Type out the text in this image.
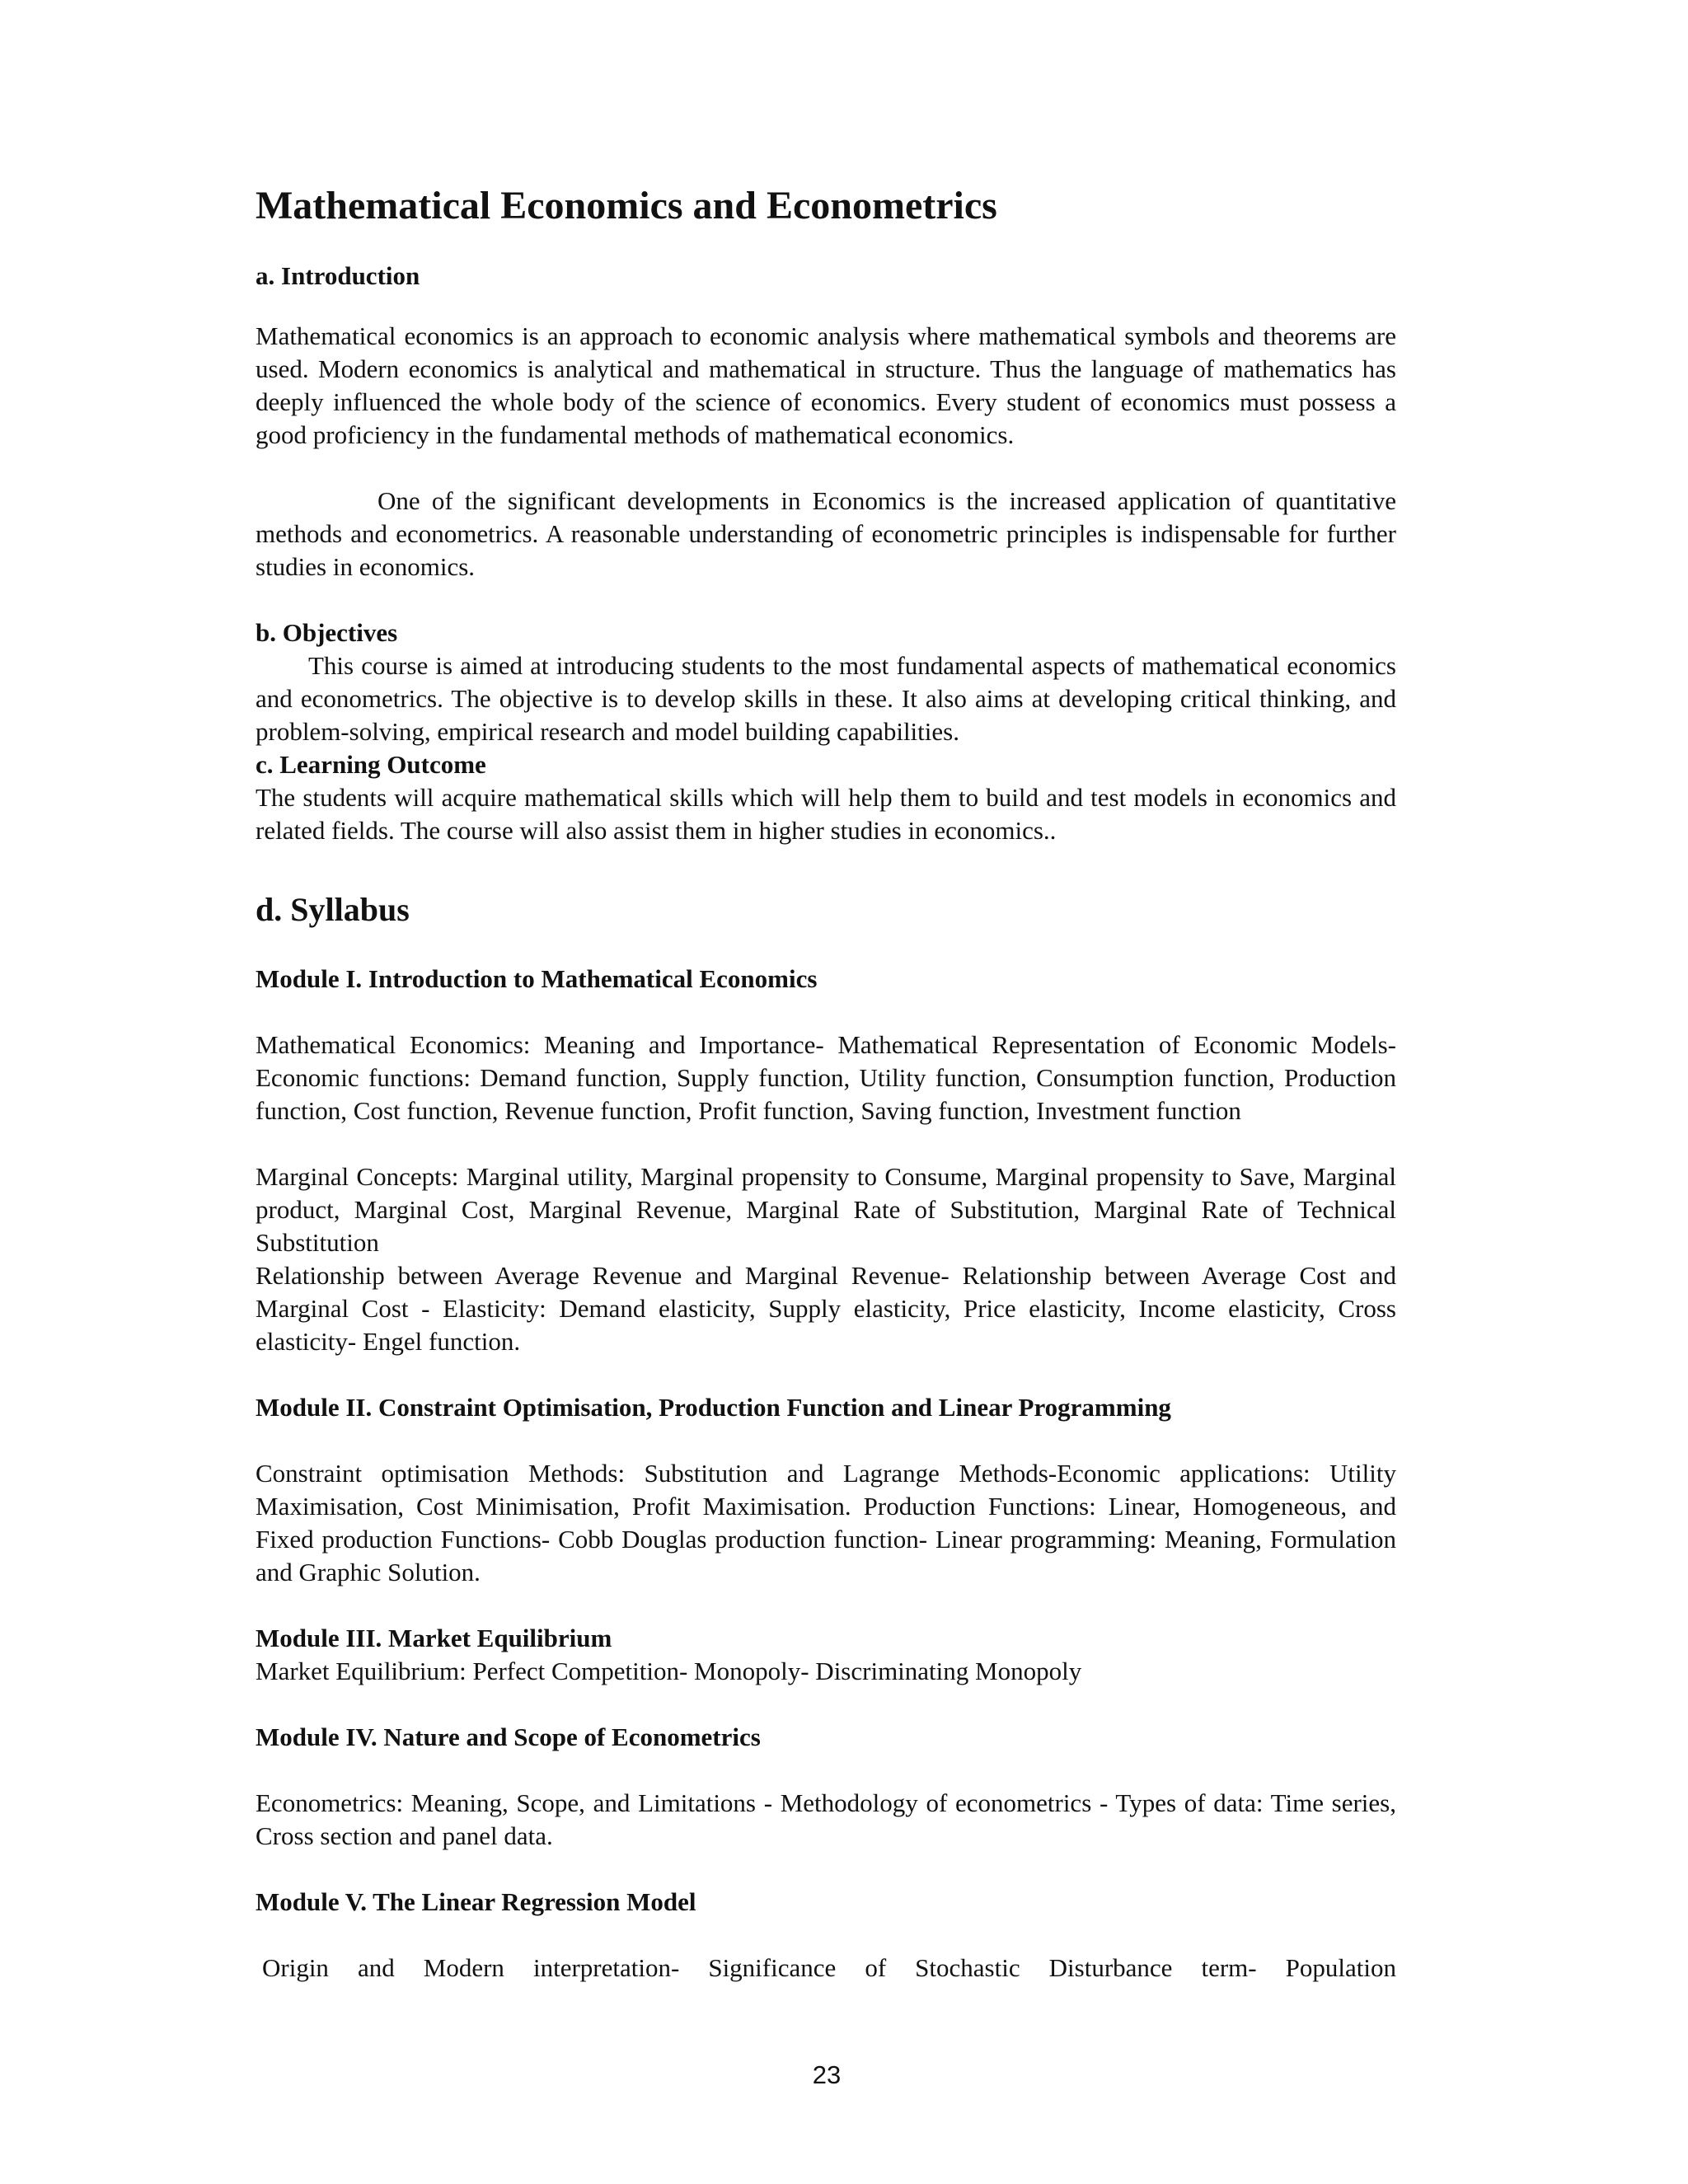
Mathematical Economics and Econometrics
a. Introduction

Mathematical economics is an approach to economic analysis where mathematical symbols and theorems are used. Modern economics is analytical and mathematical in structure. Thus the language of mathematics has deeply influenced the whole body of the science of economics. Every student of economics must possess a good proficiency in the fundamental methods of mathematical economics.

One of the significant developments in Economics is the increased application of quantitative methods and econometrics. A reasonable understanding of econometric principles is indispensable for further studies in economics.

b. Objectives

This course is aimed at introducing students to the most fundamental aspects of mathematical economics and econometrics. The objective is to develop skills in these. It also aims at developing critical thinking, and problem-solving, empirical research and model building capabilities.

c. Learning Outcome

The students will acquire mathematical skills which will help them to build and test models in economics and related fields. The course will also assist them in higher studies in economics..

d. Syllabus
Module I. Introduction to Mathematical Economics

Mathematical Economics: Meaning and Importance- Mathematical Representation of Economic Models- Economic functions: Demand function, Supply function, Utility function, Consumption function, Production function, Cost function, Revenue function, Profit function, Saving function, Investment function

Marginal Concepts: Marginal utility, Marginal propensity to Consume, Marginal propensity to Save, Marginal product, Marginal Cost, Marginal Revenue, Marginal Rate of Substitution, Marginal Rate of Technical Substitution

Relationship between Average Revenue and Marginal Revenue- Relationship between Average Cost and Marginal Cost - Elasticity: Demand elasticity, Supply elasticity, Price elasticity, Income elasticity, Cross elasticity- Engel function.

Module II. Constraint Optimisation, Production Function and Linear Programming

Constraint optimisation Methods: Substitution and Lagrange Methods-Economic applications: Utility Maximisation, Cost Minimisation, Profit Maximisation. Production Functions: Linear, Homogeneous, and Fixed production Functions- Cobb Douglas production function- Linear programming: Meaning, Formulation and Graphic Solution.

Module III. Market Equilibrium

Market Equilibrium: Perfect Competition- Monopoly- Discriminating Monopoly

Module IV. Nature and Scope of Econometrics

Econometrics: Meaning, Scope, and Limitations - Methodology of econometrics - Types of data: Time series, Cross section and panel data.

Module V. The Linear Regression Model

Origin and Modern interpretation- Significance of Stochastic Disturbance term- Population

23
